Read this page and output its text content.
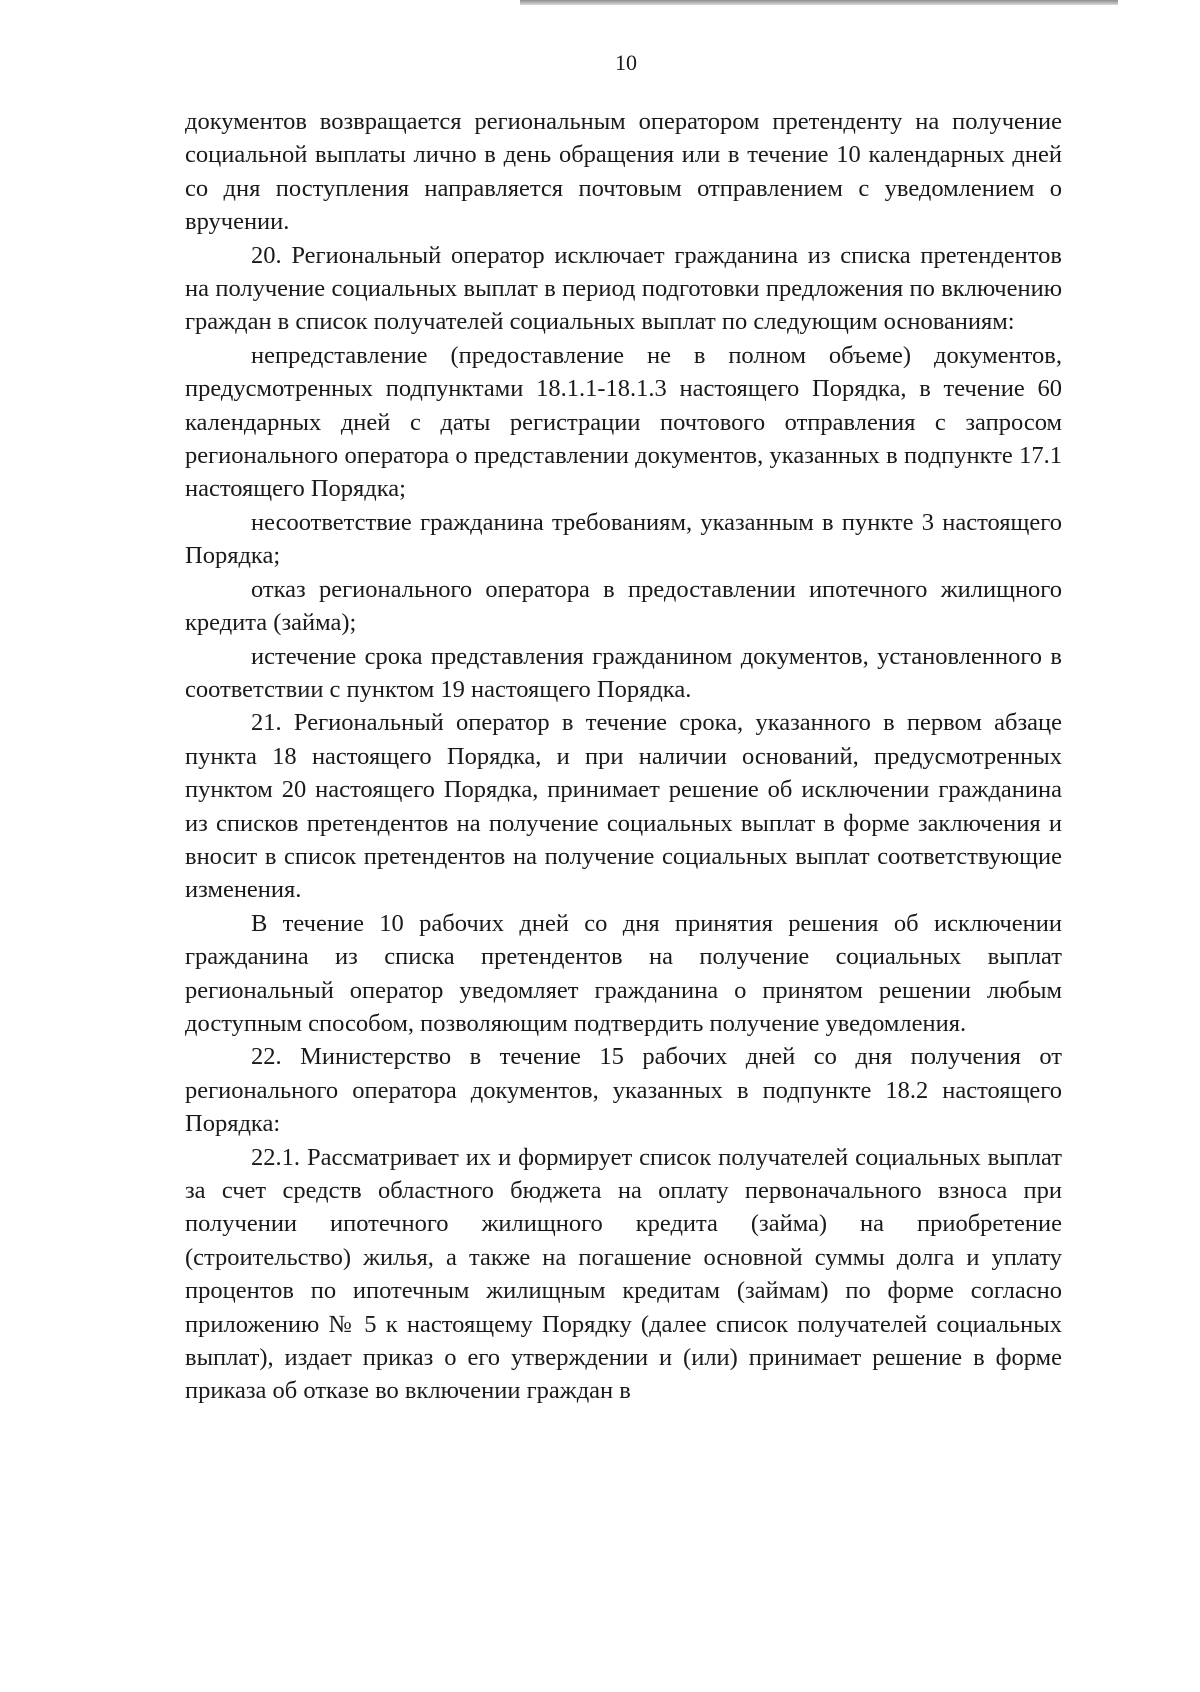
10

документов возвращается региональным оператором претенденту на получение социальной выплаты лично в день обращения или в течение 10 календарных дней со дня поступления направляется почтовым отправлением с уведомлением о вручении.

20. Региональный оператор исключает гражданина из списка претендентов на получение социальных выплат в период подготовки предложения по включению граждан в список получателей социальных выплат по следующим основаниям:

непредставление (предоставление не в полном объеме) документов, предусмотренных подпунктами 18.1.1-18.1.3 настоящего Порядка, в течение 60 календарных дней с даты регистрации почтового отправления с запросом регионального оператора о представлении документов, указанных в подпункте 17.1 настоящего Порядка;

несоответствие гражданина требованиям, указанным в пункте 3 настоящего Порядка;

отказ регионального оператора в предоставлении ипотечного жилищного кредита (займа);

истечение срока представления гражданином документов, установленного в соответствии с пунктом 19 настоящего Порядка.

21. Региональный оператор в течение срока, указанного в первом абзаце пункта 18 настоящего Порядка, и при наличии оснований, предусмотренных пунктом 20 настоящего Порядка, принимает решение об исключении гражданина из списков претендентов на получение социальных выплат в форме заключения и вносит в список претендентов на получение социальных выплат соответствующие изменения.

В течение 10 рабочих дней со дня принятия решения об исключении гражданина из списка претендентов на получение социальных выплат региональный оператор уведомляет гражданина о принятом решении любым доступным способом, позволяющим подтвердить получение уведомления.

22. Министерство в течение 15 рабочих дней со дня получения от регионального оператора документов, указанных в подпункте 18.2 настоящего Порядка:

22.1. Рассматривает их и формирует список получателей социальных выплат за счет средств областного бюджета на оплату первоначального взноса при получении ипотечного жилищного кредита (займа) на приобретение (строительство) жилья, а также на погашение основной суммы долга и уплату процентов по ипотечным жилищным кредитам (займам) по форме согласно приложению № 5 к настоящему Порядку (далее список получателей социальных выплат), издает приказ о его утверждении и (или) принимает решение в форме приказа об отказе во включении граждан в
